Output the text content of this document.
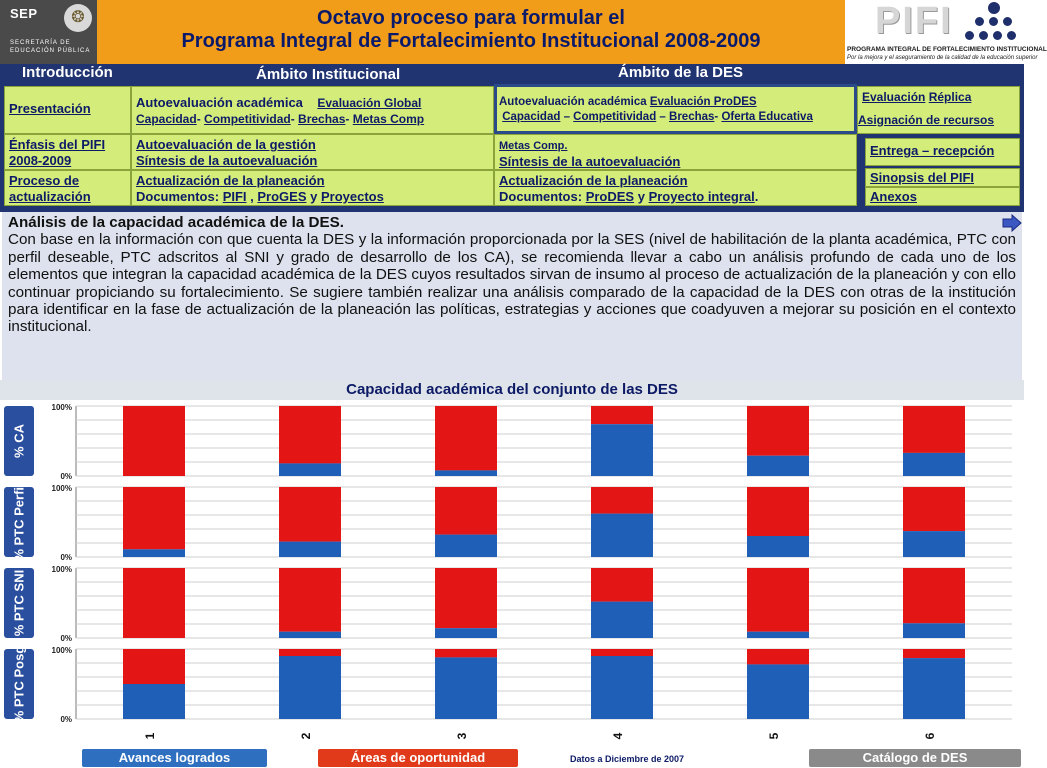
SEP	❂
SECRETARÍA DE
EDUCACIÓN PÚBLICA
Octavo proceso para formular el
Programa Integral de Fortalecimiento Institucional 2008-2009	PIFI
PROGRAMA INTEGRAL DE FORTALECIMIENTO INSTITUCIONAL
Por la mejora y el aseguramiento de la calidad de la educación superior
Introducción	Ámbito Institucional	Ámbito de la DES
Presentación
Énfasis del PIFI 2008-2009
Proceso de actualización
Autoevaluación académica Evaluación Global
Capacidad- Competitividad- Brechas- Metas Comp
Autoevaluación de la gestión
Síntesis de la autoevaluación
Actualización de la planeación
Documentos: PIFI , ProGES y Proyectos
Autoevaluación académica Evaluación ProDES
Capacidad – Competitividad – Brechas- Oferta Educativa
Metas Comp.
Síntesis de la autoevaluación
Actualización de la planeación
Documentos: ProDES y Proyecto integral.
Evaluación Réplica
Asignación de recursos
Entrega – recepción
Sinopsis del PIFI
Anexos
Análisis de la capacidad académica de la DES.
Con base en la información con que cuenta la DES y la información proporcionada por la SES (nivel de habilitación de la planta académica, PTC con perfil deseable, PTC adscritos al SNI y grado de desarrollo de los CA), se recomienda llevar a cabo un análisis profundo de cada uno de los elementos que integran la capacidad académica de la DES cuyos resultados sirvan de insumo al proceso de actualización de la planeación y con ello continuar propiciando su fortalecimiento. Se sugiere también realizar una análisis comparado de la capacidad de la DES con otras de la institución para identificar en la fase de actualización de la planeación las políticas, estrategias y acciones que coadyuven a mejorar su posición en el contexto institucional.
Capacidad académica del conjunto de las DES
100%
0%
100%
0%
100%
0%
100%
0%
1	2	3	4	5	6
Avances logrados	Áreas de oportunidad	Datos a Diciembre de 2007	Catálogo de DES
% CA
% PTC Perfil
% PTC SNI
% PTC Posg
